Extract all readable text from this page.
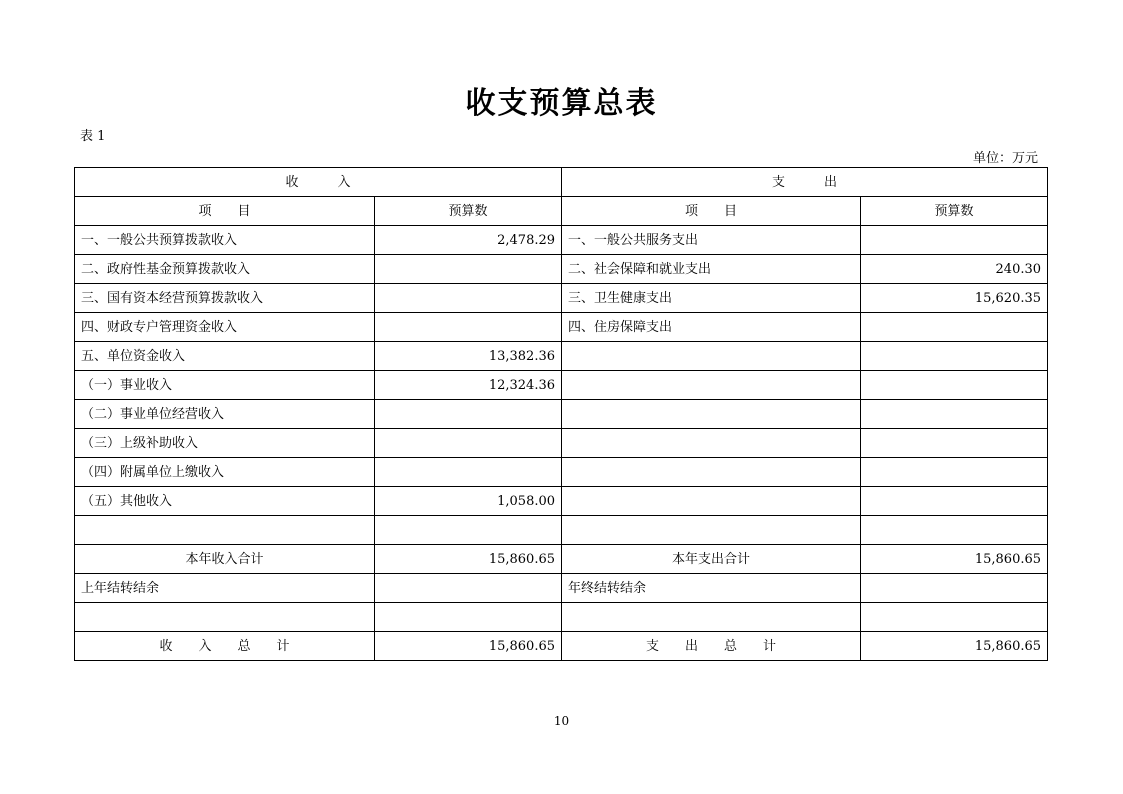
收支预算总表
表 1
单位：万元
收　　　入		支　　　出	
项　　目	预算数	项　　目	预算数
一、一般公共预算拨款收入	2,478.29	一、一般公共服务支出	
二、政府性基金预算拨款收入		二、社会保障和就业支出	240.30
三、国有资本经营预算拨款收入		三、卫生健康支出	15,620.35
四、财政专户管理资金收入		四、住房保障支出	
五、单位资金收入	13,382.36		
（一）事业收入	12,324.36		
（二）事业单位经营收入			
（三）上级补助收入			
（四）附属单位上缴收入			
（五）其他收入	1,058.00		

本年收入合计	15,860.65	本年支出合计	15,860.65
上年结转结余		年终结转结余	

收　　入　　总　　计	15,860.65	支　　出　　总　　计	15,860.65
10
